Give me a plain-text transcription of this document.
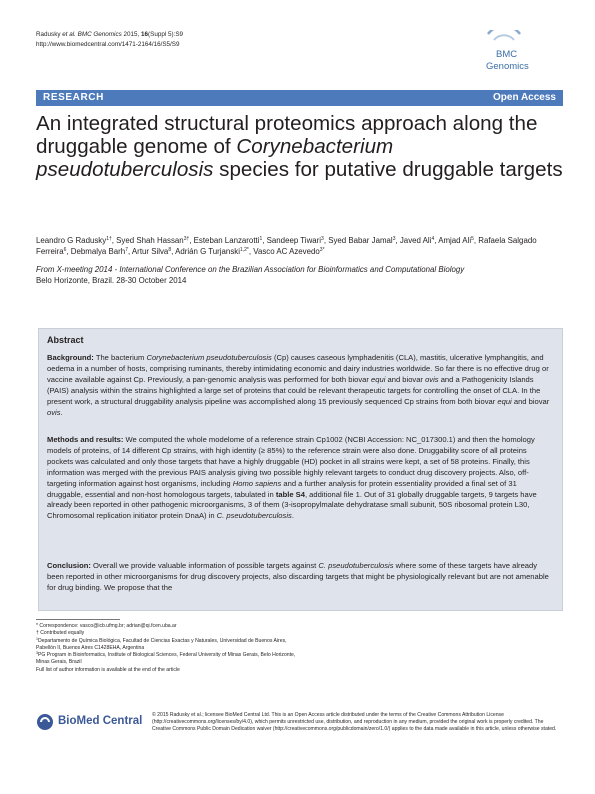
Radusky et al. BMC Genomics 2015, 16(Suppl 5):S9
http://www.biomedcentral.com/1471-2164/16/S5/S9
BMC
Genomics
RESEARCH	Open Access
An integrated structural proteomics approach along the druggable genome of Corynebacterium pseudotuberculosis species for putative druggable targets
Leandro G Radusky$^{1\dagger}$, Syed Shah Hassan$^{3\dagger}$, Esteban Lanzarotti$^1$, Sandeep Tiwari$^3$, Syed Babar Jamal$^3$, Javed Ali$^4$, Amjad Ali$^5$, Rafaela Salgado Ferreira$^6$, Debmalya Barh$^7$, Artur Silva$^8$, Adrián G Turjanski$^{1,2*}$, Vasco AC Azevedo$^{3*}$
From X-meeting 2014 - International Conference on the Brazilian Association for Bioinformatics and Computational Biology
Belo Horizonte, Brazil. 28-30 October 2014
Abstract
Background: The bacterium Corynebacterium pseudotuberculosis (Cp) causes caseous lymphadenitis (CLA), mastitis, ulcerative lymphangitis, and oedema in a number of hosts, comprising ruminants, thereby intimidating economic and dairy industries worldwide. So far there is no effective drug or vaccine available against Cp. Previously, a pan-genomic analysis was performed for both biovar equi and biovar ovis and a Pathogenicity Islands (PAIS) analysis within the strains highlighted a large set of proteins that could be relevant therapeutic targets for controlling the onset of CLA. In the present work, a structural druggability analysis pipeline was accomplished along 15 previously sequenced Cp strains from both biovar equi and biovar ovis.
Methods and results: We computed the whole modelome of a reference strain Cp1002 (NCBI Accession: NC_017300.1) and then the homology models of proteins, of 14 different Cp strains, with high identity (≥ 85%) to the reference strain were also done. Druggability score of all proteins pockets was calculated and only those targets that have a highly druggable (HD) pocket in all strains were kept, a set of 58 proteins. Finally, this information was merged with the previous PAIS analysis giving two possible highly relevant targets to conduct drug discovery projects. Also, off-targeting information against host organisms, including Homo sapiens and a further analysis for protein essentiality provided a final set of 31 druggable, essential and non-host homologous targets, tabulated in table S4, additional file 1. Out of 31 globally druggable targets, 9 targets have already been reported in other pathogenic microorganisms, 3 of them (3-isopropylmalate dehydratase small subunit, 50S ribosomal protein L30, Chromosomal replication initiator protein DnaA) in C. pseudotuberculosis.
Conclusion: Overall we provide valuable information of possible targets against C. pseudotuberculosis where some of these targets have already been reported in other microorganisms for drug discovery projects, also discarding targets that might be physiologically relevant but are not amenable for drug binding. We propose that the
* Correspondence: vasco@icb.ufmg.br; adrian@qi.fcen.uba.ar
† Contributed equally
$^1$Departamento de Química Biológica, Facultad de Ciencias Exactas y Naturales, Universidad de Buenos Aires, Pabellón II, Buenos Aires C1428EHA, Argentina
$^3$PG Program in Bioinformatics, Institute of Biological Sciences, Federal University of Minas Gerais, Belo Horizonte, Minas Gerais, Brazil
Full list of author information is available at the end of the article
BioMed Central © 2015 Radusky et al.; licensee BioMed Central Ltd. This is an Open Access article distributed under the terms of the Creative Commons Attribution License (http://creativecommons.org/licenses/by/4.0), which permits unrestricted use, distribution, and reproduction in any medium, provided the original work is properly credited. The Creative Commons Public Domain Dedication waiver (http://creativecommons.org/publicdomain/zero/1.0/) applies to the data made available in this article, unless otherwise stated.
